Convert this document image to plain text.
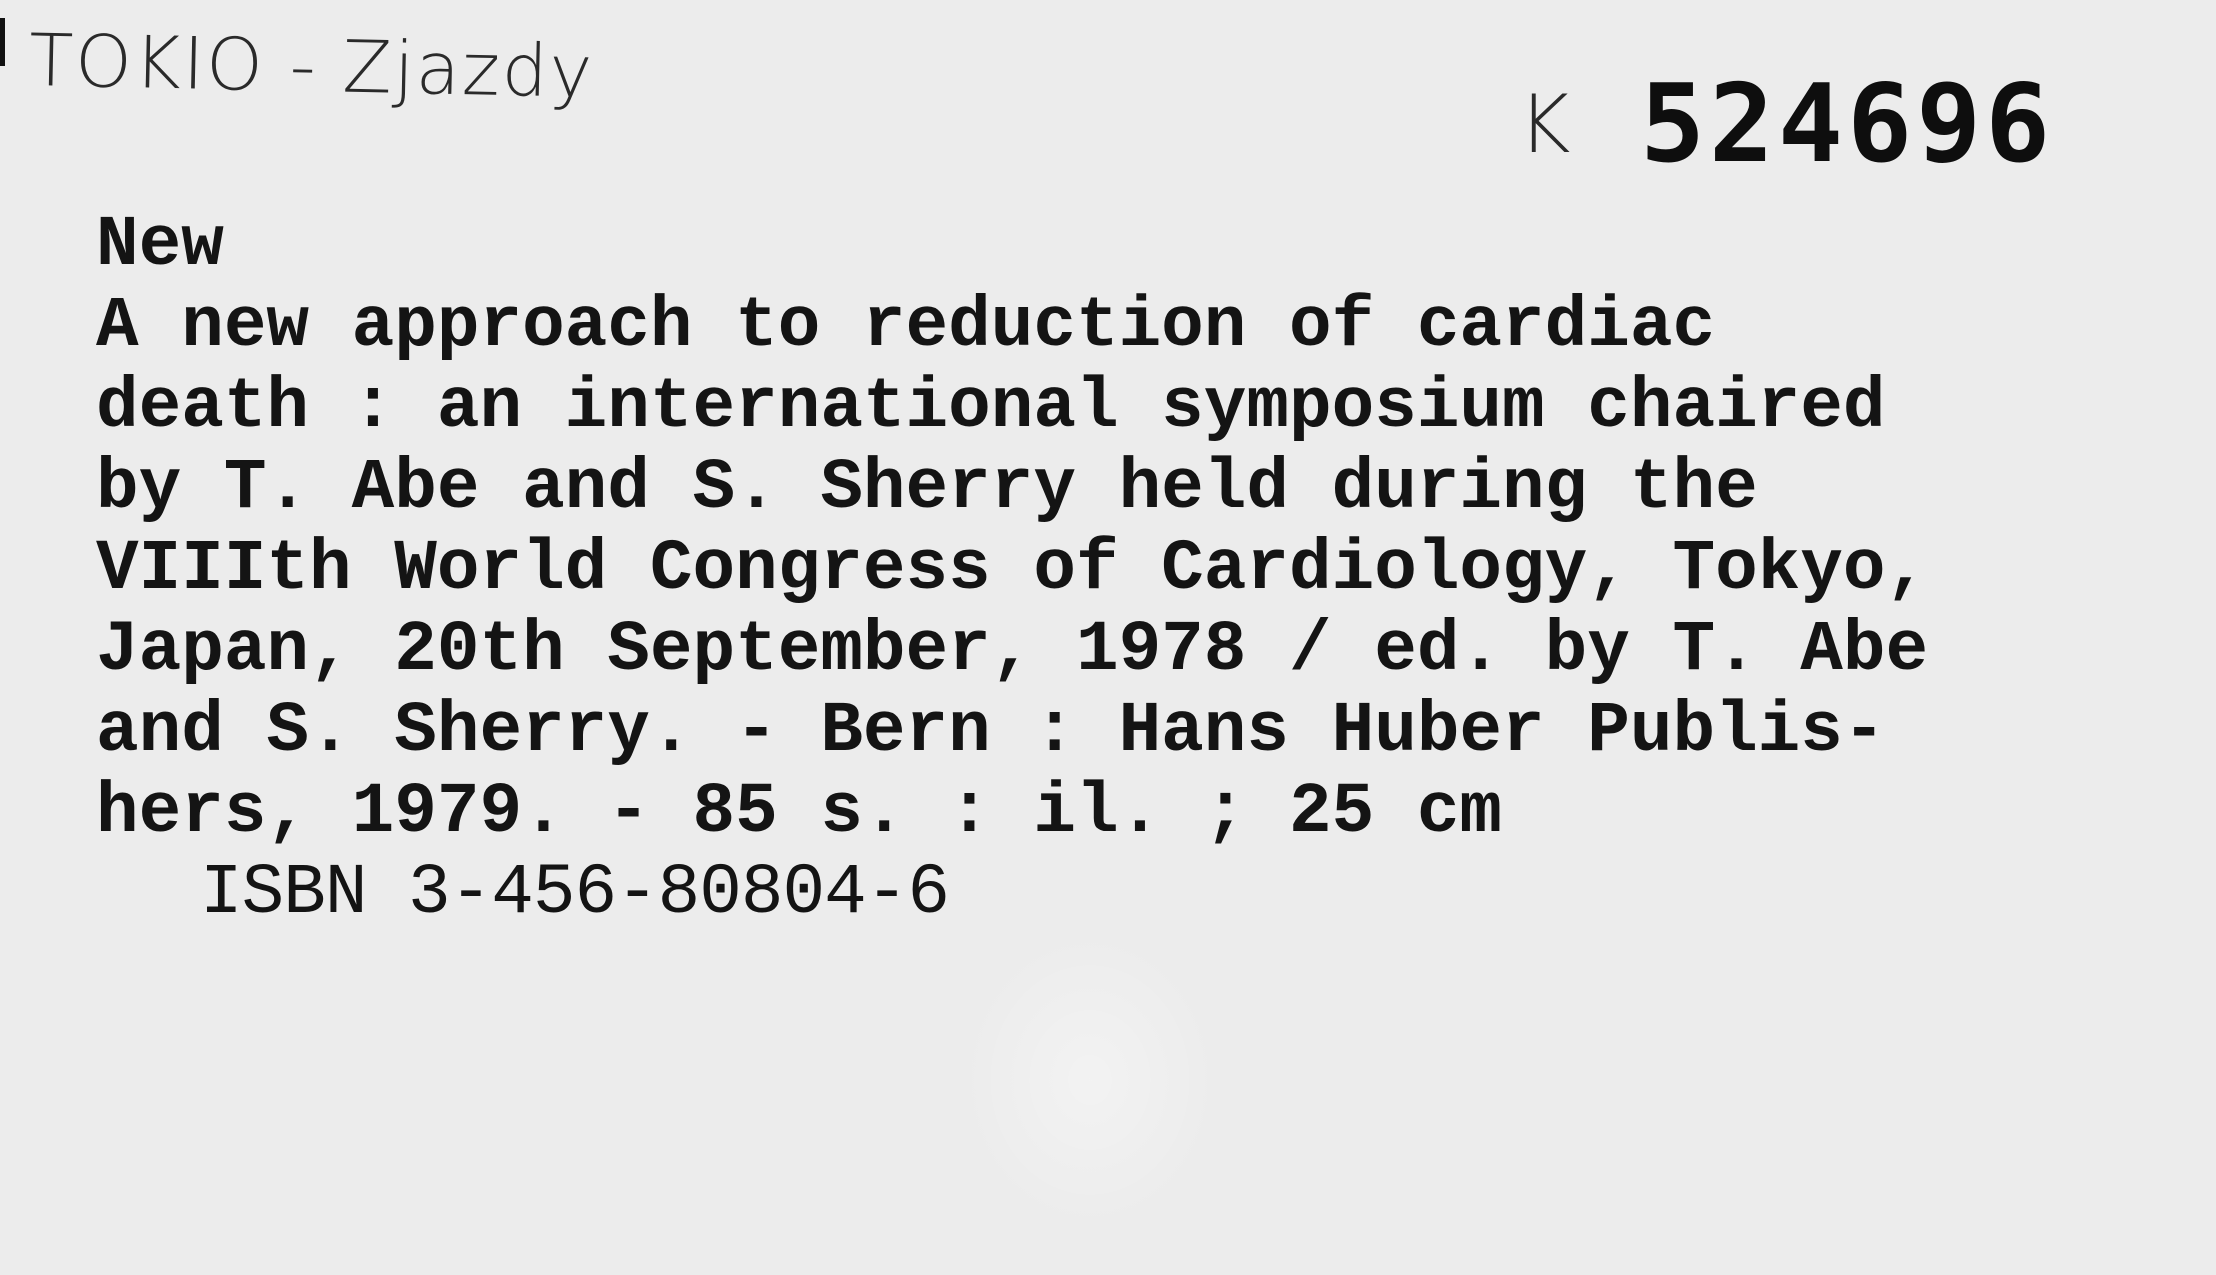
TOKIO - Zjazdy
K 524696
New
A new approach to reduction of cardiac
death : an international symposium chaired
by T. Abe and S. Sherry held during the
VIIIth World Congress of Cardiology, Tokyo,
Japan, 20th September, 1978 / ed. by T. Abe
and S. Sherry. - Bern : Hans Huber Publis-
hers, 1979. - 85 s. : il. ; 25 cm
ISBN 3-456-80804-6
